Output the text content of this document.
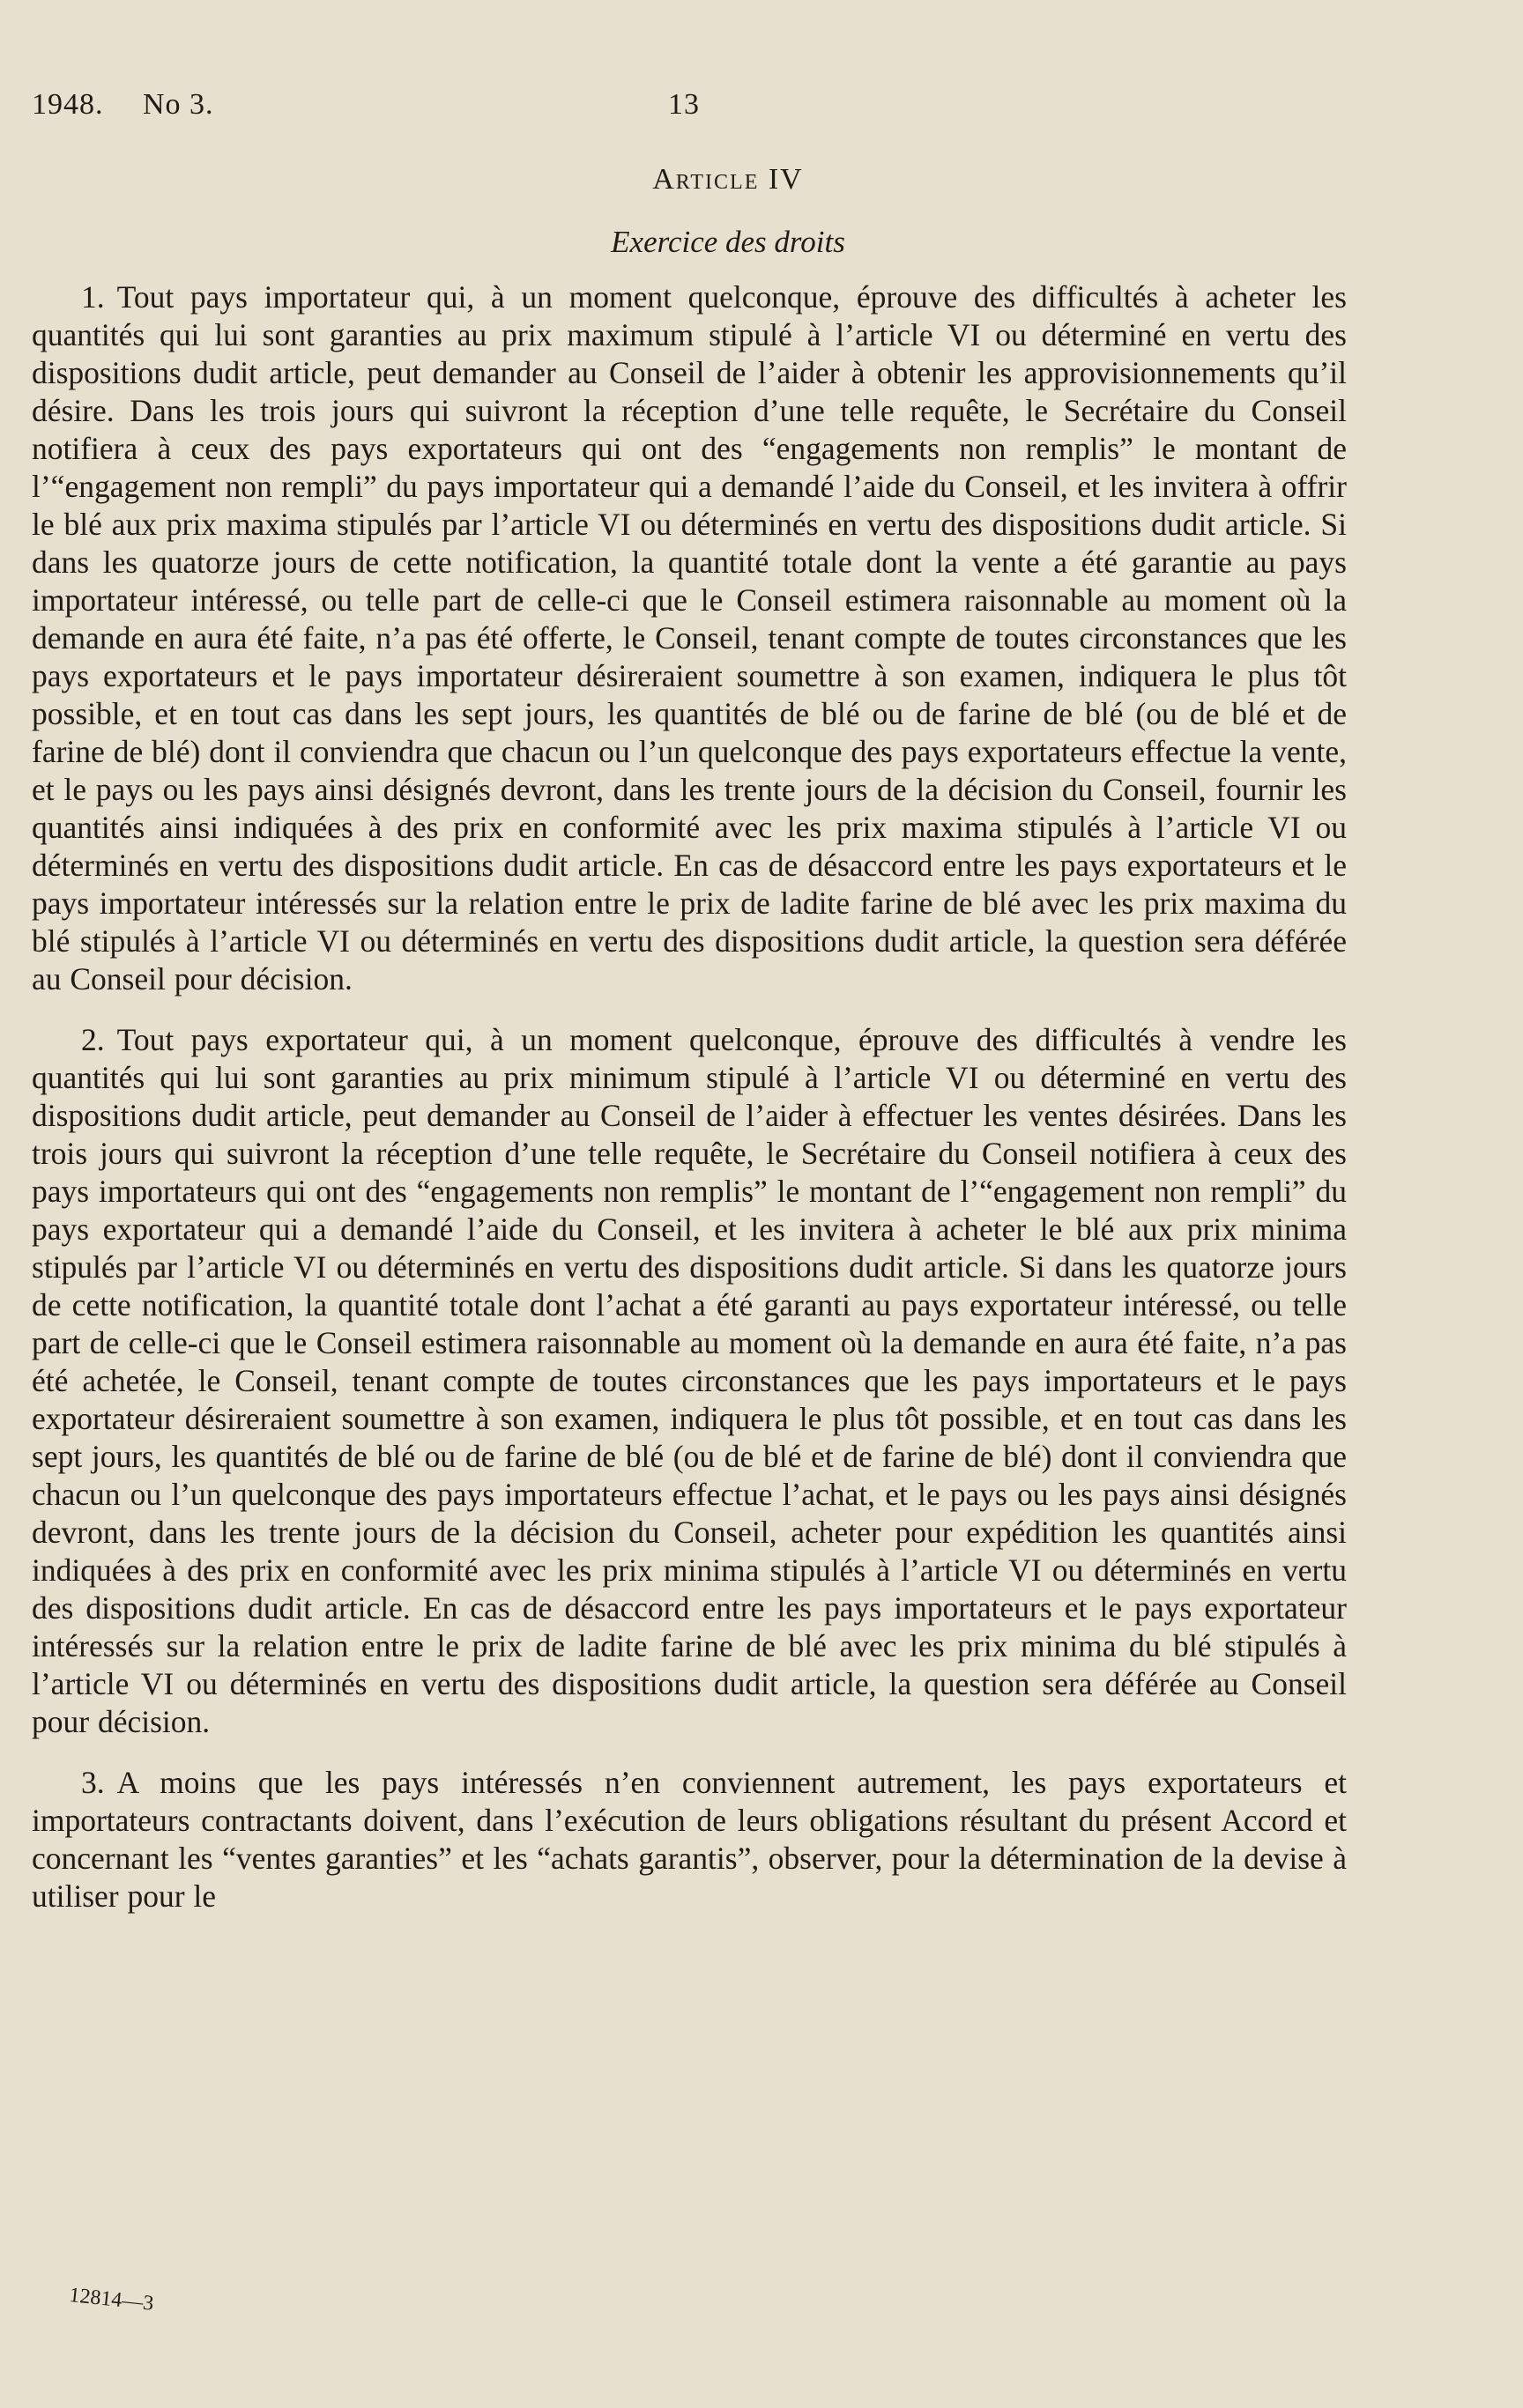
1948. No 3.	13
Article IV
Exercice des droits

1. Tout pays importateur qui, à un moment quelconque, éprouve des difficultés à acheter les quantités qui lui sont garanties au prix maximum stipulé à l’article VI ou déterminé en vertu des dispositions dudit article, peut demander au Conseil de l’aider à obtenir les approvisionnements qu’il désire. Dans les trois jours qui suivront la réception d’une telle requête, le Secrétaire du Conseil notifiera à ceux des pays exportateurs qui ont des “engagements non remplis” le montant de l’“engagement non rempli” du pays importateur qui a demandé l’aide du Conseil, et les invitera à offrir le blé aux prix maxima stipulés par l’article VI ou déterminés en vertu des dispositions dudit article. Si dans les quatorze jours de cette notification, la quantité totale dont la vente a été garantie au pays importateur intéressé, ou telle part de celle-ci que le Conseil estimera raisonnable au moment où la demande en aura été faite, n’a pas été offerte, le Conseil, tenant compte de toutes circonstances que les pays exportateurs et le pays importateur désireraient soumettre à son examen, indiquera le plus tôt possible, et en tout cas dans les sept jours, les quantités de blé ou de farine de blé (ou de blé et de farine de blé) dont il conviendra que chacun ou l’un quelconque des pays exportateurs effectue la vente, et le pays ou les pays ainsi désignés devront, dans les trente jours de la décision du Conseil, fournir les quantités ainsi indiquées à des prix en conformité avec les prix maxima stipulés à l’article VI ou déterminés en vertu des dispositions dudit article. En cas de désaccord entre les pays exportateurs et le pays importateur intéressés sur la relation entre le prix de ladite farine de blé avec les prix maxima du blé stipulés à l’article VI ou déterminés en vertu des dispositions dudit article, la question sera déférée au Conseil pour décision.

2. Tout pays exportateur qui, à un moment quelconque, éprouve des difficultés à vendre les quantités qui lui sont garanties au prix minimum stipulé à l’article VI ou déterminé en vertu des dispositions dudit article, peut demander au Conseil de l’aider à effectuer les ventes désirées. Dans les trois jours qui suivront la réception d’une telle requête, le Secrétaire du Conseil notifiera à ceux des pays importateurs qui ont des “engagements non remplis” le montant de l’“engagement non rempli” du pays exportateur qui a demandé l’aide du Conseil, et les invitera à acheter le blé aux prix minima stipulés par l’article VI ou déterminés en vertu des dispositions dudit article. Si dans les quatorze jours de cette notification, la quantité totale dont l’achat a été garanti au pays exportateur intéressé, ou telle part de celle-ci que le Conseil estimera raisonnable au moment où la demande en aura été faite, n’a pas été achetée, le Conseil, tenant compte de toutes circonstances que les pays importateurs et le pays exportateur désireraient soumettre à son examen, indiquera le plus tôt possible, et en tout cas dans les sept jours, les quantités de blé ou de farine de blé (ou de blé et de farine de blé) dont il conviendra que chacun ou l’un quelconque des pays importateurs effectue l’achat, et le pays ou les pays ainsi désignés devront, dans les trente jours de la décision du Conseil, acheter pour expédition les quantités ainsi indiquées à des prix en conformité avec les prix minima stipulés à l’article VI ou déterminés en vertu des dispositions dudit article. En cas de désaccord entre les pays importateurs et le pays exportateur intéressés sur la relation entre le prix de ladite farine de blé avec les prix minima du blé stipulés à l’article VI ou déterminés en vertu des dispositions dudit article, la question sera déférée au Conseil pour décision.

3. A moins que les pays intéressés n’en conviennent autrement, les pays exportateurs et importateurs contractants doivent, dans l’exécution de leurs obligations résultant du présent Accord et concernant les “ventes garanties” et les “achats garantis”, observer, pour la détermination de la devise à utiliser pour le

12814—3
